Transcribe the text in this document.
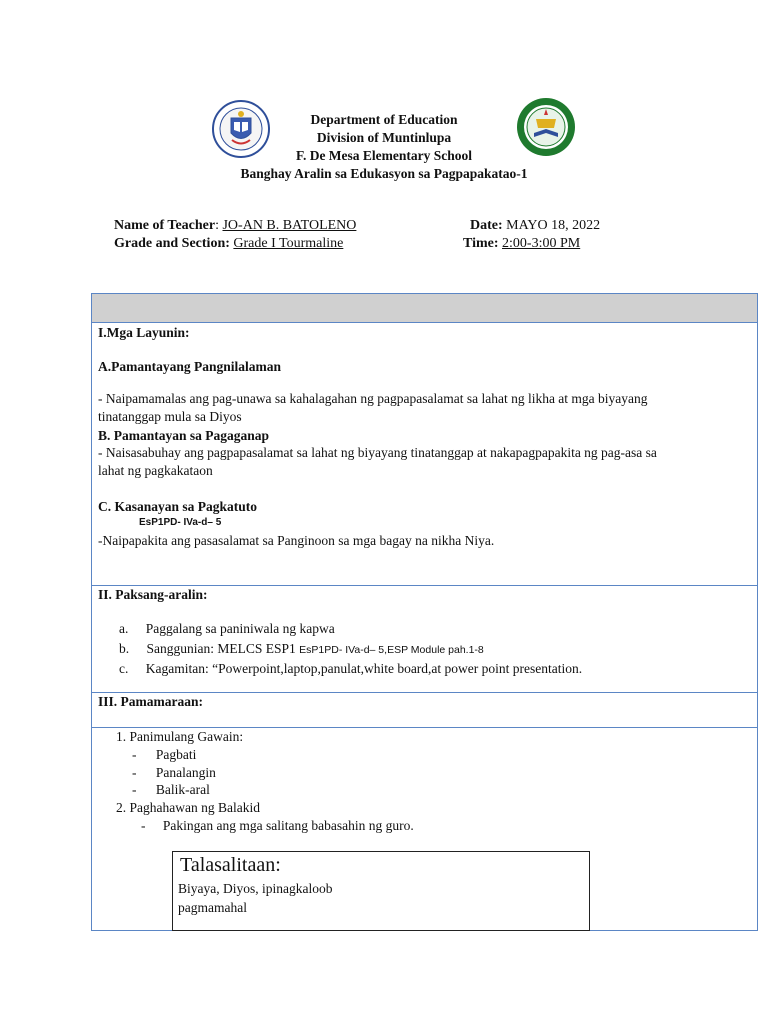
Department of Education
Division of Muntinlupa
F. De Mesa Elementary School
Banghay Aralin sa Edukasyon sa Pagpapakatao-1
Name of Teacher: JO-AN B. BATOLENO	Date: MAYO 18, 2022
Grade and Section: Grade I Tourmaline	Time: 2:00-3:00 PM
I.Mga Layunin:
A.Pamantayang Pangnilalaman
- Naipamamalas ang pag-unawa sa kahalagahan ng pagpapasalamat sa lahat ng likha at mga biyayang
tinatanggap mula sa Diyos
B. Pamantayan sa Pagaganap
- Naisasabuhay ang pagpapasalamat sa lahat ng biyayang tinatanggap at nakapagpapakita ng pag-asa sa
lahat ng pagkakataon
C. Kasanayan sa Pagkatuto
EsP1PD- IVa-d– 5
-Naipapakita ang pasasalamat sa Panginoon sa mga bagay na nikha Niya.
II. Paksang-aralin:
a. Paggalang sa paniniwala ng kapwa
b. Sanggunian: MELCS ESP1 EsP1PD- IVa-d– 5,ESP Module pah.1-8
c. Kagamitan: “Powerpoint,laptop,panulat,white board,at power point presentation.
III. Pamamaraan:
1. Panimulang Gawain:
- Pagbati
- Panalangin
- Balik-aral
2. Paghahawan ng Balakid
- Pakingan ang mga salitang babasahin ng guro.
Talasalitaan:
Biyaya, Diyos, ipinagkaloob
pagmamahal
